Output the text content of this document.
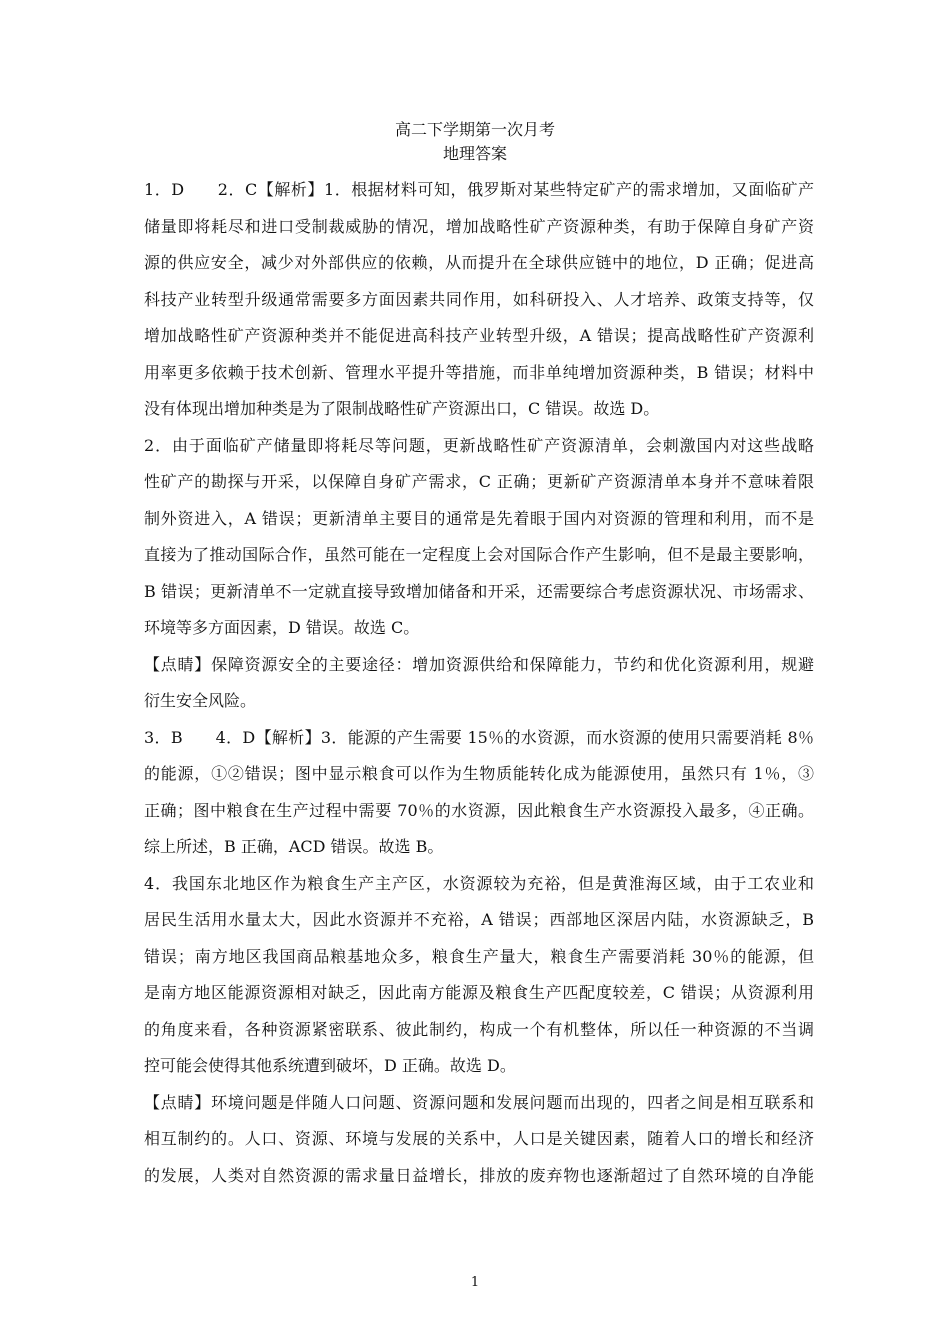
高二下学期第一次月考
地理答案
1．D　　2．C【解析】1．根据材料可知，俄罗斯对某些特定矿产的需求增加，又面临矿产
储量即将耗尽和进口受制裁威胁的情况，增加战略性矿产资源种类，有助于保障自身矿产资
源的供应安全，减少对外部供应的依赖，从而提升在全球供应链中的地位，D 正确；促进高
科技产业转型升级通常需要多方面因素共同作用，如科研投入、人才培养、政策支持等，仅
增加战略性矿产资源种类并不能促进高科技产业转型升级，A 错误；提高战略性矿产资源利
用率更多依赖于技术创新、管理水平提升等措施，而非单纯增加资源种类，B 错误；材料中
没有体现出增加种类是为了限制战略性矿产资源出口，C 错误。故选 D。
2．由于面临矿产储量即将耗尽等问题，更新战略性矿产资源清单，会刺激国内对这些战略
性矿产的勘探与开采，以保障自身矿产需求，C 正确；更新矿产资源清单本身并不意味着限
制外资进入，A 错误；更新清单主要目的通常是先着眼于国内对资源的管理和利用，而不是
直接为了推动国际合作，虽然可能在一定程度上会对国际合作产生影响，但不是最主要影响，
B 错误；更新清单不一定就直接导致增加储备和开采，还需要综合考虑资源状况、市场需求、
环境等多方面因素，D 错误。故选 C。
【点睛】保障资源安全的主要途径：增加资源供给和保障能力，节约和优化资源利用，规避
衍生安全风险。
3．B　　4．D【解析】3．能源的产生需要 15％的水资源，而水资源的使用只需要消耗 8％
的能源，①②错误；图中显示粮食可以作为生物质能转化成为能源使用，虽然只有 1％，③
正确；图中粮食在生产过程中需要 70％的水资源，因此粮食生产水资源投入最多，④正确。
综上所述，B 正确，ACD 错误。故选 B。
4．我国东北地区作为粮食生产主产区，水资源较为充裕，但是黄淮海区域，由于工农业和
居民生活用水量太大，因此水资源并不充裕，A 错误；西部地区深居内陆，水资源缺乏，B
错误；南方地区我国商品粮基地众多，粮食生产量大，粮食生产需要消耗 30％的能源，但
是南方地区能源资源相对缺乏，因此南方能源及粮食生产匹配度较差，C 错误；从资源利用
的角度来看，各种资源紧密联系、彼此制约，构成一个有机整体，所以任一种资源的不当调
控可能会使得其他系统遭到破坏，D 正确。故选 D。
【点睛】环境问题是伴随人口问题、资源问题和发展问题而出现的，四者之间是相互联系和
相互制约的。人口、资源、环境与发展的关系中，人口是关键因素，随着人口的增长和经济
的发展，人类对自然资源的需求量日益增长，排放的废弃物也逐渐超过了自然环境的自净能
1
